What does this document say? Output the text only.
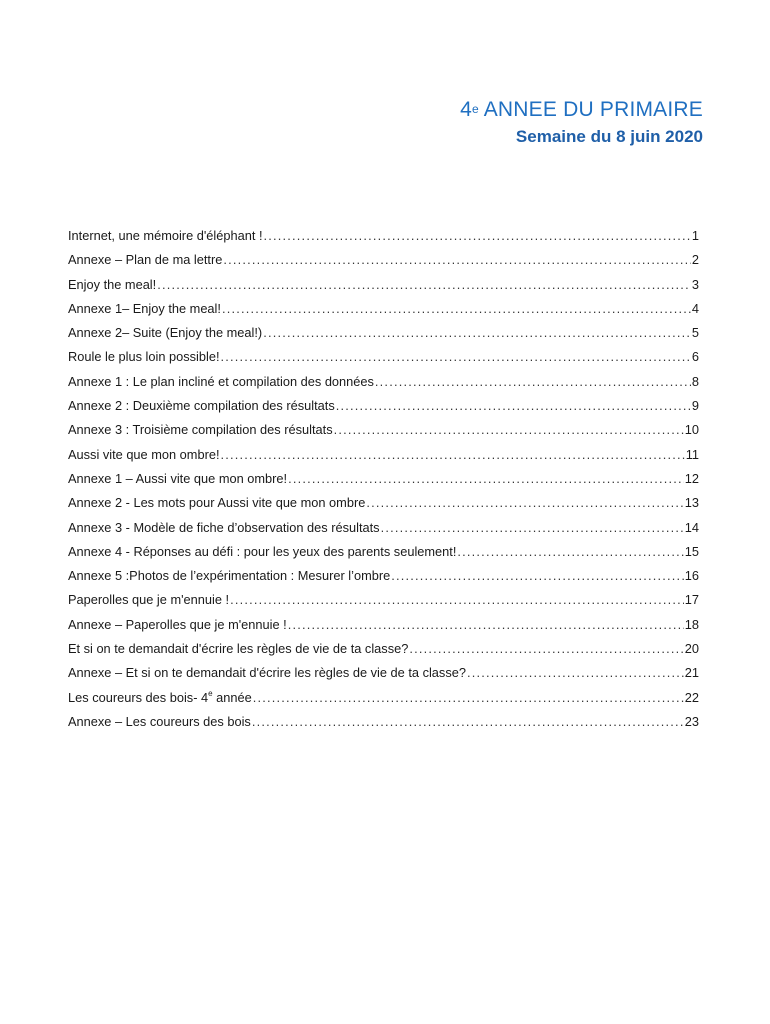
4e ANNEE DU PRIMAIRE
Semaine du 8 juin 2020
Internet, une mémoire d'éléphant ! .....	1
Annexe – Plan de ma lettre .....	2
Enjoy the meal! .....	3
Annexe 1– Enjoy the meal! .....	4
Annexe 2– Suite (Enjoy the meal!) .....	5
Roule le plus loin possible! .....	6
Annexe 1 : Le plan incliné et compilation des données .....	8
Annexe 2 : Deuxième compilation des résultats .....	9
Annexe 3 : Troisième compilation des résultats .....	10
Aussi vite que mon ombre! .....	11
Annexe 1 – Aussi vite que mon ombre! .....	12
Annexe 2 - Les mots pour Aussi vite que mon ombre .....	13
Annexe 3 - Modèle de fiche d’observation des résultats .....	14
Annexe 4 - Réponses au défi : pour les yeux des parents seulement! .....	15
Annexe 5 :Photos de l’expérimentation : Mesurer l’ombre .....	16
Paperolles que je m'ennuie ! .....	17
Annexe – Paperolles que je m'ennuie ! .....	18
Et si on te demandait d'écrire les règles de vie de ta classe? .....	20
Annexe – Et si on te demandait d'écrire les règles de vie de ta classe? .....	21
Les coureurs des bois- 4e année .....	22
Annexe – Les coureurs des bois .....	23
